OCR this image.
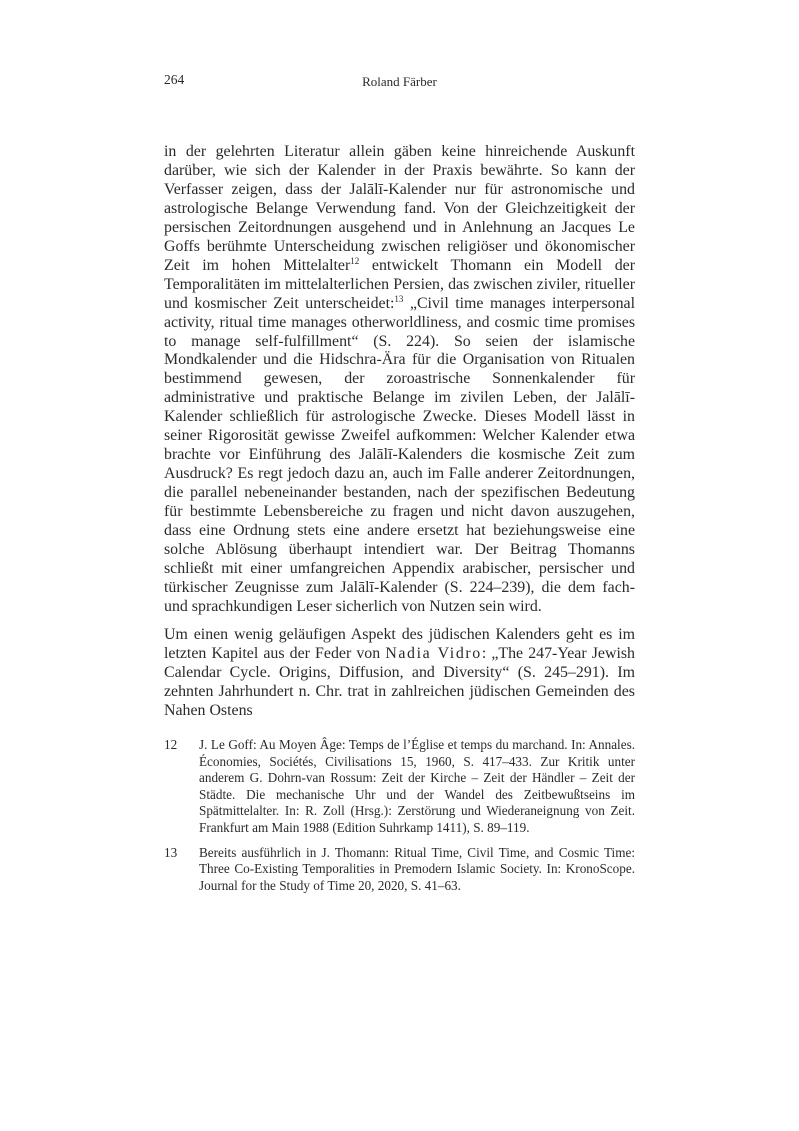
264	Roland Färber

in der gelehrten Literatur allein gäben keine hinreichende Auskunft darüber, wie sich der Kalender in der Praxis bewährte. So kann der Verfasser zeigen, dass der Jalālī-Kalender nur für astronomische und astrologische Belange Verwendung fand. Von der Gleichzeitigkeit der persischen Zeitordnungen ausgehend und in Anlehnung an Jacques Le Goffs berühmte Unterscheidung zwischen religiöser und ökonomischer Zeit im hohen Mittelalter$^{12}$ entwickelt Thomann ein Modell der Temporalitäten im mittelalterlichen Persien, das zwischen ziviler, ritueller und kosmischer Zeit unterscheidet:$^{13}$ „Civil time manages interpersonal activity, ritual time manages otherworldliness, and cosmic time promises to manage self-fulfillment“ (S. 224). So seien der islamische Mondkalender und die Hidschra-Ära für die Organisation von Ritualen bestimmend gewesen, der zoroastrische Sonnenkalender für administrative und praktische Belange im zivilen Leben, der Jalālī-Kalender schließlich für astrologische Zwecke. Dieses Modell lässt in seiner Rigorosität gewisse Zweifel aufkommen: Welcher Kalender etwa brachte vor Einführung des Jalālī-Kalenders die kosmische Zeit zum Ausdruck? Es regt jedoch dazu an, auch im Falle anderer Zeitordnungen, die parallel nebeneinander bestanden, nach der spezifischen Bedeutung für bestimmte Lebensbereiche zu fragen und nicht davon auszugehen, dass eine Ordnung stets eine andere ersetzt hat beziehungsweise eine solche Ablösung überhaupt intendiert war. Der Beitrag Thomanns schließt mit einer umfangreichen Appendix arabischer, persischer und türkischer Zeugnisse zum Jalālī-Kalender (S. 224–239), die dem fach- und sprachkundigen Leser sicherlich von Nutzen sein wird.

Um einen wenig geläufigen Aspekt des jüdischen Kalenders geht es im letzten Kapitel aus der Feder von Nadia Vidro: „The 247-Year Jewish Calendar Cycle. Origins, Diffusion, and Diversity“ (S. 245–291). Im zehnten Jahrhundert n. Chr. trat in zahlreichen jüdischen Gemeinden des Nahen Ostens

12	J. Le Goff: Au Moyen Âge: Temps de l’Église et temps du marchand. In: Annales. Économies, Sociétés, Civilisations 15, 1960, S. 417–433. Zur Kritik unter anderem G. Dohrn-van Rossum: Zeit der Kirche – Zeit der Händler – Zeit der Städte. Die mechanische Uhr und der Wandel des Zeitbewußtseins im Spätmittelalter. In: R. Zoll (Hrsg.): Zerstörung und Wiederaneignung von Zeit. Frankfurt am Main 1988 (Edition Suhrkamp 1411), S. 89–119.
13	Bereits ausführlich in J. Thomann: Ritual Time, Civil Time, and Cosmic Time: Three Co-Existing Temporalities in Premodern Islamic Society. In: KronoScope. Journal for the Study of Time 20, 2020, S. 41–63.
